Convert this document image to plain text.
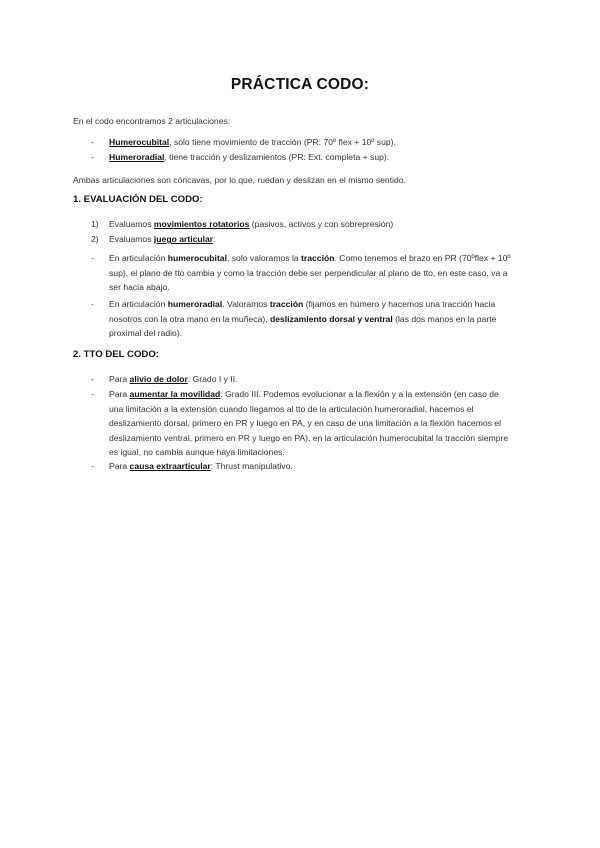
PRÁCTICA CODO:
En el codo encontramos 2 articulaciones:
- Humerocubital, solo tiene movimiento de tracción (PR: 70º flex + 10º sup).
- Humeroradial, tiene tracción y deslizamientos (PR: Ext. completa + sup).
Ambas articulaciones son cóncavas, por lo que, ruedan y deslizan en el mismo sentido.
1. EVALUACIÓN DEL CODO:
1) Evaluamos movimientos rotatorios (pasivos, activos y con sobrepresión)
2) Evaluamos juego articular:
- En articulación humerocubital, solo valoramos la tracción. Como tenemos el brazo en PR (70ºflex + 10º sup), el plano de tto cambia y como la tracción debe ser perpendicular al plano de tto, en este caso, va a ser hacia abajo.
- En articulación humeroradial. Valoramos tracción (fijamos en húmero y hacemos una tracción hacia nosotros con la otra mano en la muñeca), deslizamiento dorsal y ventral (las dos manos en la parte proximal del radio).
2. TTO DEL CODO:
- Para alivio de dolor: Grado I y II.
- Para aumentar la movilidad: Grado III. Podemos evolucionar a la flexión y a la extensión (en caso de una limitación a la extensión cuando llegamos al tto de la articulación humeroradial, hacemos el deslizamiento dorsal, primero en PR y luego en PA, y en caso de una limitación a la flexión hacemos el deslizamiento ventral, primero en PR y luego en PA), en la articulación humerocubital la tracción siempre es igual, no cambia aunque haya limitaciones.
- Para causa extraarticular: Thrust manipulativo.
